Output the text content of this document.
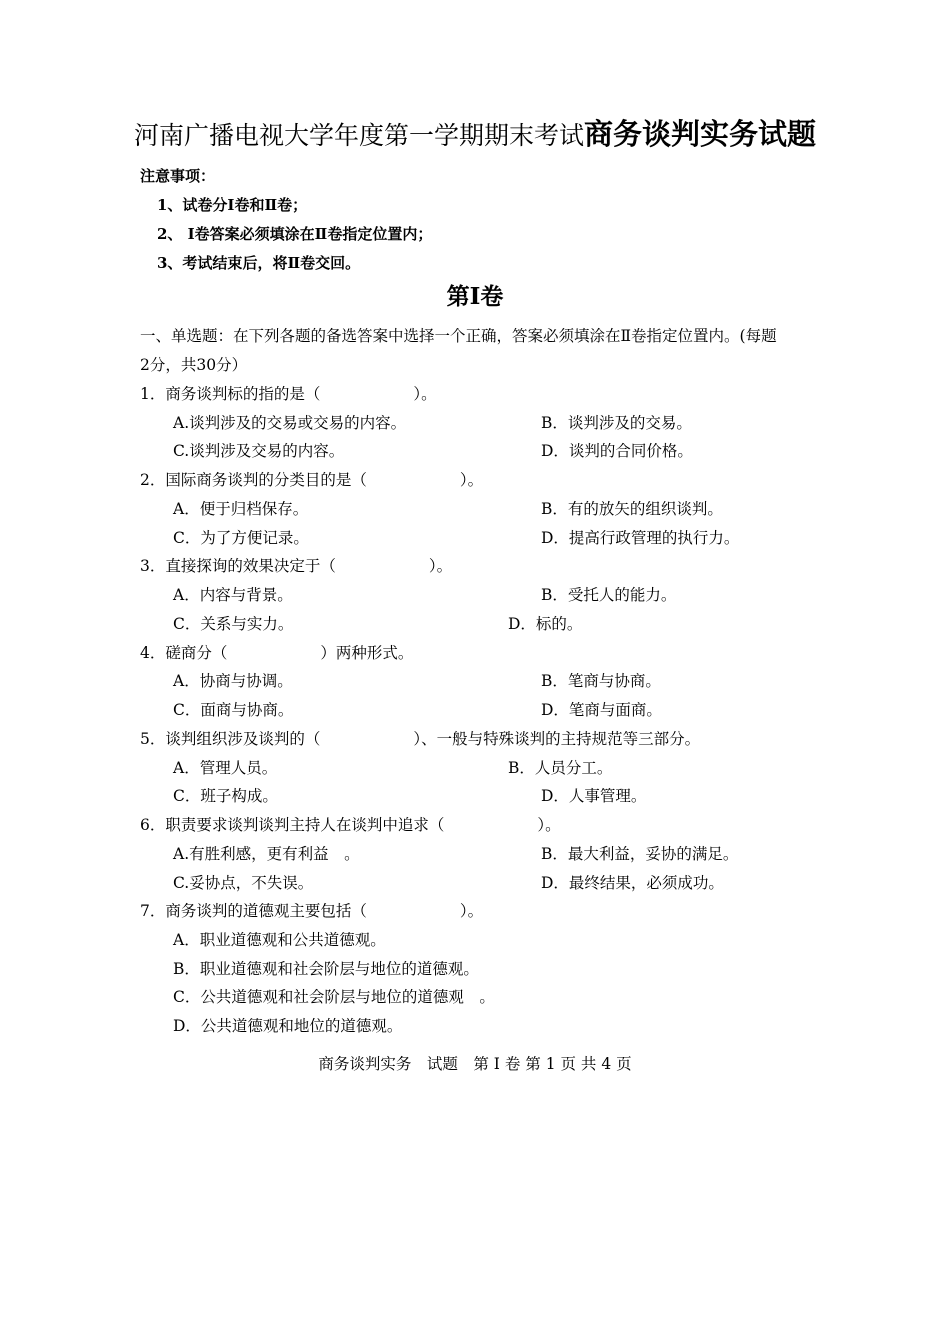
河南广播电视大学年度第一学期期末考试商务谈判实务试题
注意事项：
1、试卷分Ⅰ卷和Ⅱ卷；
2、 Ⅰ卷答案必须填涂在Ⅱ卷指定位置内；
3、考试结束后，将Ⅱ卷交回。
第Ⅰ卷
一、单选题：在下列各题的备选答案中选择一个正确，答案必须填涂在Ⅱ卷指定位置内。(每题
2分，共30分）
1．商务谈判标的指的是（　　　　　　）。
A.谈判涉及的交易或交易的内容。	B．谈判涉及的交易。
C.谈判涉及交易的内容。	D．谈判的合同价格。
2．国际商务谈判的分类目的是（　　　　　　）。
A．便于归档保存。	B．有的放矢的组织谈判。
C．为了方便记录。	D．提高行政管理的执行力。
3．直接探询的效果决定于（　　　　　　）。
A．内容与背景。	B．受托人的能力。
C．关系与实力。	D．标的。
4．磋商分（　　　　　　）两种形式。
A．协商与协调。	B．笔商与协商。
C．面商与协商。	D．笔商与面商。
5．谈判组织涉及谈判的（　　　　　　）、一般与特殊谈判的主持规范等三部分。
A．管理人员。	B．人员分工。
C．班子构成。	D．人事管理。
6．职责要求谈判谈判主持人在谈判中追求（　　　　　　）。
A.有胜利感，更有利益　。	B．最大利益，妥协的满足。
C.妥协点，不失误。	D．最终结果，必须成功。
7．商务谈判的道德观主要包括（　　　　　　）。
A．职业道德观和公共道德观。
B．职业道德观和社会阶层与地位的道德观。
C．公共道德观和社会阶层与地位的道德观　。
D．公共道德观和地位的道德观。
商务谈判实务　试题　第 Ⅰ 卷 第 1 页 共 4 页
